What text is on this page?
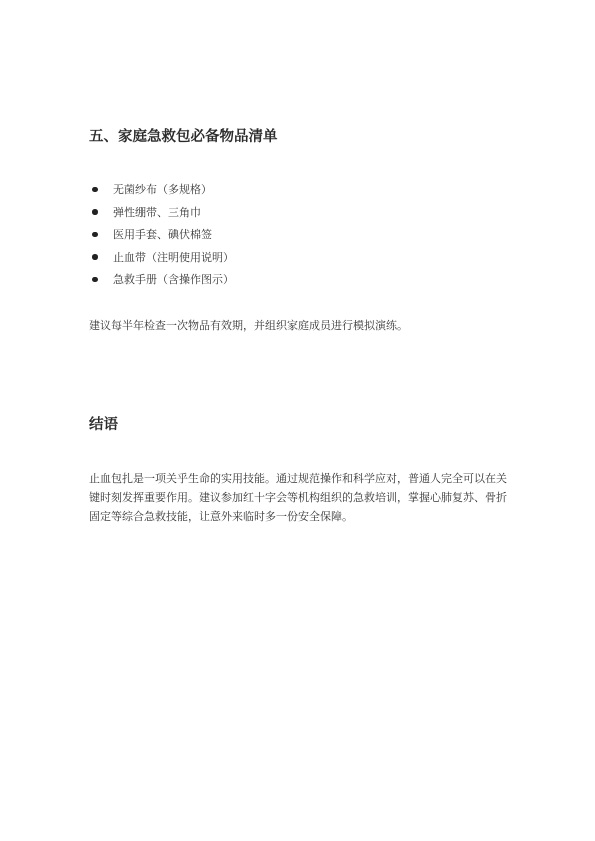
五、家庭急救包必备物品清单
无菌纱布（多规格）
弹性绷带、三角巾
医用手套、碘伏棉签
止血带（注明使用说明）
急救手册（含操作图示）

建议每半年检查一次物品有效期，并组织家庭成员进行模拟演练。

结语

止血包扎是一项关乎生命的实用技能。通过规范操作和科学应对，普通人完全可以在关
键时刻发挥重要作用。建议参加红十字会等机构组织的急救培训，掌握心肺复苏、骨折
固定等综合急救技能，让意外来临时多一份安全保障。
